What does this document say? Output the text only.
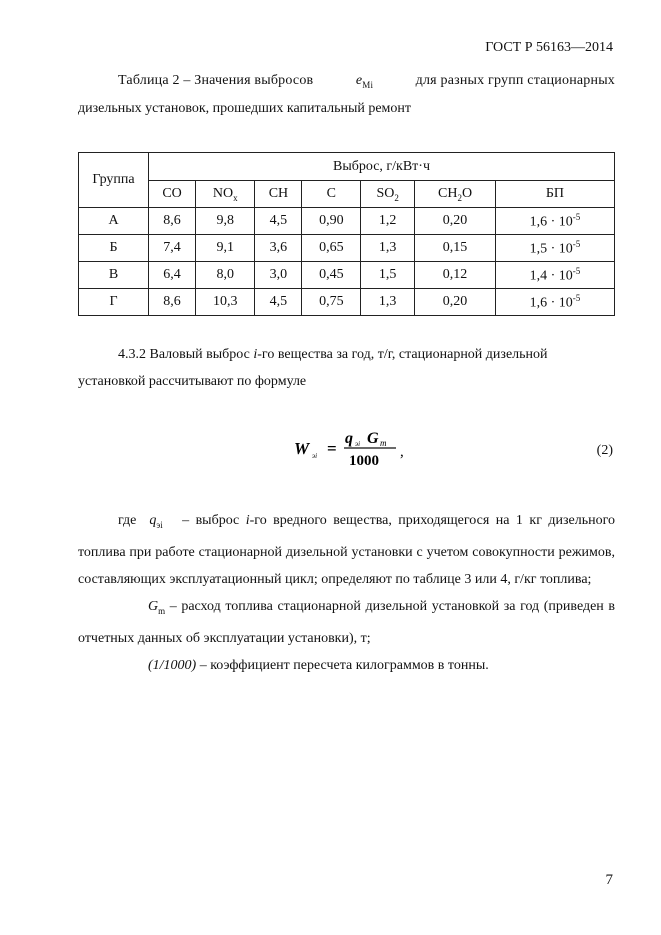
ГОСТ Р 56163—2014
Таблица 2 – Значения выбросов	$e_{Mi}$	для разных групп стационарных
дизельных установок, прошедших капитальный ремонт
Группа	Выброс, г/кВт·ч						
	CO	$NO_x$	CH	C	$SO_2$	$CH_2O$	БП
А	8,6	9,8	4,5	0,90	1,2	0,20	$1,6 \cdot 10^{-5}$
Б	7,4	9,1	3,6	0,65	1,3	0,15	$1,5 \cdot 10^{-5}$
В	6,4	8,0	3,0	0,45	1,5	0,12	$1,4 \cdot 10^{-5}$
Г	8,6	10,3	4,5	0,75	1,3	0,20	$1,6 \cdot 10^{-5}$
4.3.2 Валовый выброс i-го вещества за год, т/г, стационарной дизельной
установкой рассчитывают по формуле
W эi =
q эi G m
1000
,	(2)

где $q_{эi}$   – выброс i-го вредного вещества, приходящегося на 1 кг дизельного топлива при работе стационарной дизельной установки с учетом совокупности режимов, составляющих эксплуатационный цикл; определяют по таблице 3 или 4, г/кг топлива;

$G_m$ – расход топлива стационарной дизельной установкой за год (приведен в отчетных данных об эксплуатации установки), т;

(1/1000) – коэффициент пересчета килограммов в тонны.

7
